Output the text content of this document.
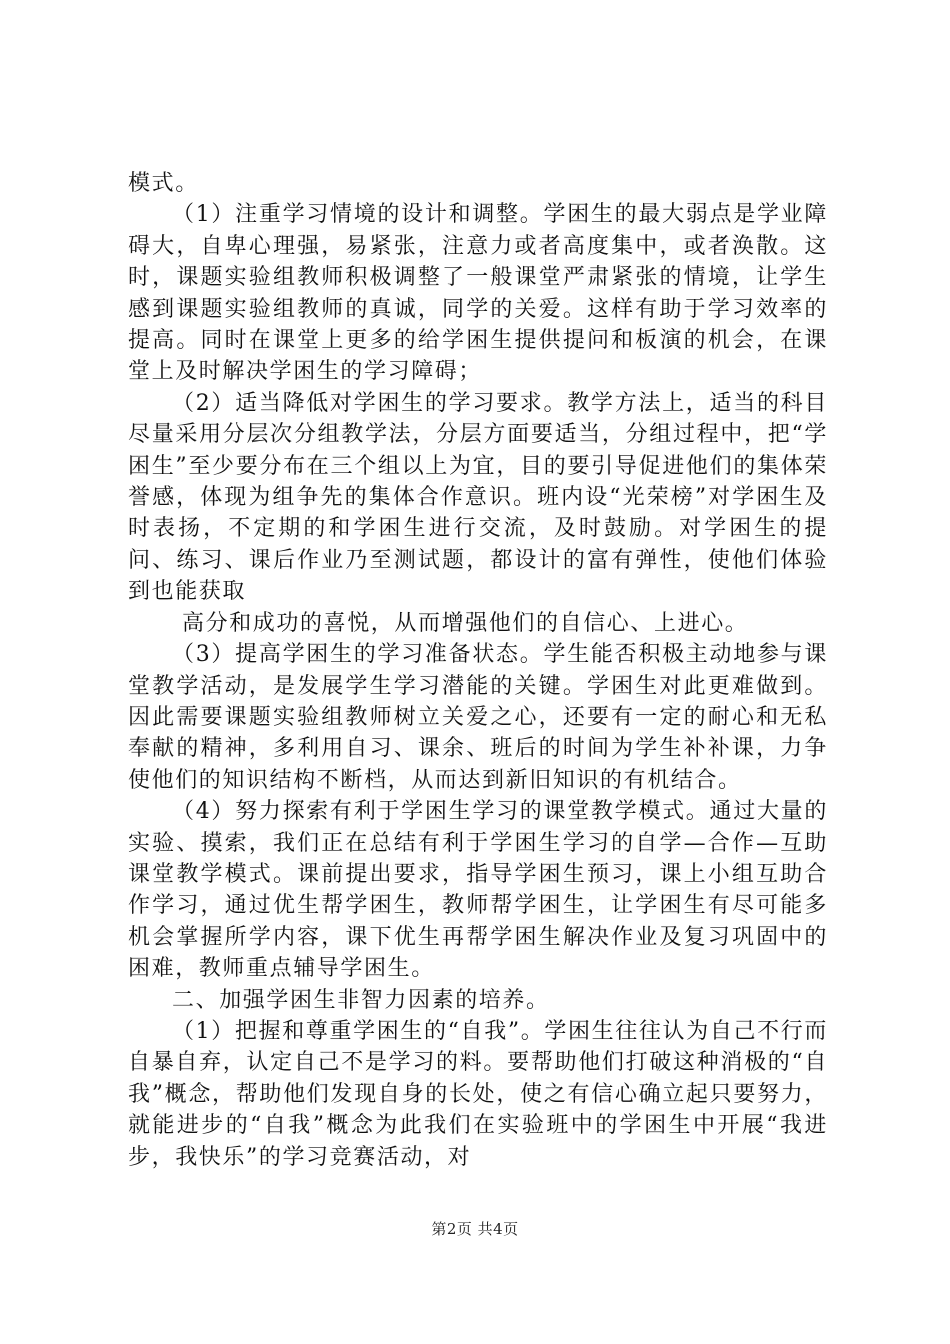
模式。

（1）注重学习情境的设计和调整。学困生的最大弱点是学业障碍大，自卑心理强，易紧张，注意力或者高度集中，或者涣散。这时，课题实验组教师积极调整了一般课堂严肃紧张的情境，让学生感到课题实验组教师的真诚，同学的关爱。这样有助于学习效率的提高。同时在课堂上更多的给学困生提供提问和板演的机会，在课堂上及时解决学困生的学习障碍；

（2）适当降低对学困生的学习要求。教学方法上，适当的科目尽量采用分层次分组教学法，分层方面要适当，分组过程中，把“学困生”至少要分布在三个组以上为宜，目的要引导促进他们的集体荣誉感，体现为组争先的集体合作意识。班内设“光荣榜”对学困生及时表扬，不定期的和学困生进行交流，及时鼓励。对学困生的提问、练习、课后作业乃至测试题，都设计的富有弹性，使他们体验到也能获取

高分和成功的喜悦，从而增强他们的自信心、上进心。

（3）提高学困生的学习准备状态。学生能否积极主动地参与课堂教学活动，是发展学生学习潜能的关键。学困生对此更难做到。因此需要课题实验组教师树立关爱之心，还要有一定的耐心和无私奉献的精神，多利用自习、课余、班后的时间为学生补补课，力争使他们的知识结构不断档，从而达到新旧知识的有机结合。

（4）努力探索有利于学困生学习的课堂教学模式。通过大量的实验、摸索，我们正在总结有利于学困生学习的自学—合作—互助课堂教学模式。课前提出要求，指导学困生预习，课上小组互助合作学习，通过优生帮学困生，教师帮学困生，让学困生有尽可能多机会掌握所学内容，课下优生再帮学困生解决作业及复习巩固中的困难，教师重点辅导学困生。

二、加强学困生非智力因素的培养。

（1）把握和尊重学困生的“自我”。学困生往往认为自己不行而自暴自弃，认定自己不是学习的料。要帮助他们打破这种消极的“自我”概念，帮助他们发现自身的长处，使之有信心确立起只要努力，就能进步的“自我”概念为此我们在实验班中的学困生中开展“我进步，我快乐”的学习竞赛活动，对

第2页 共4页
